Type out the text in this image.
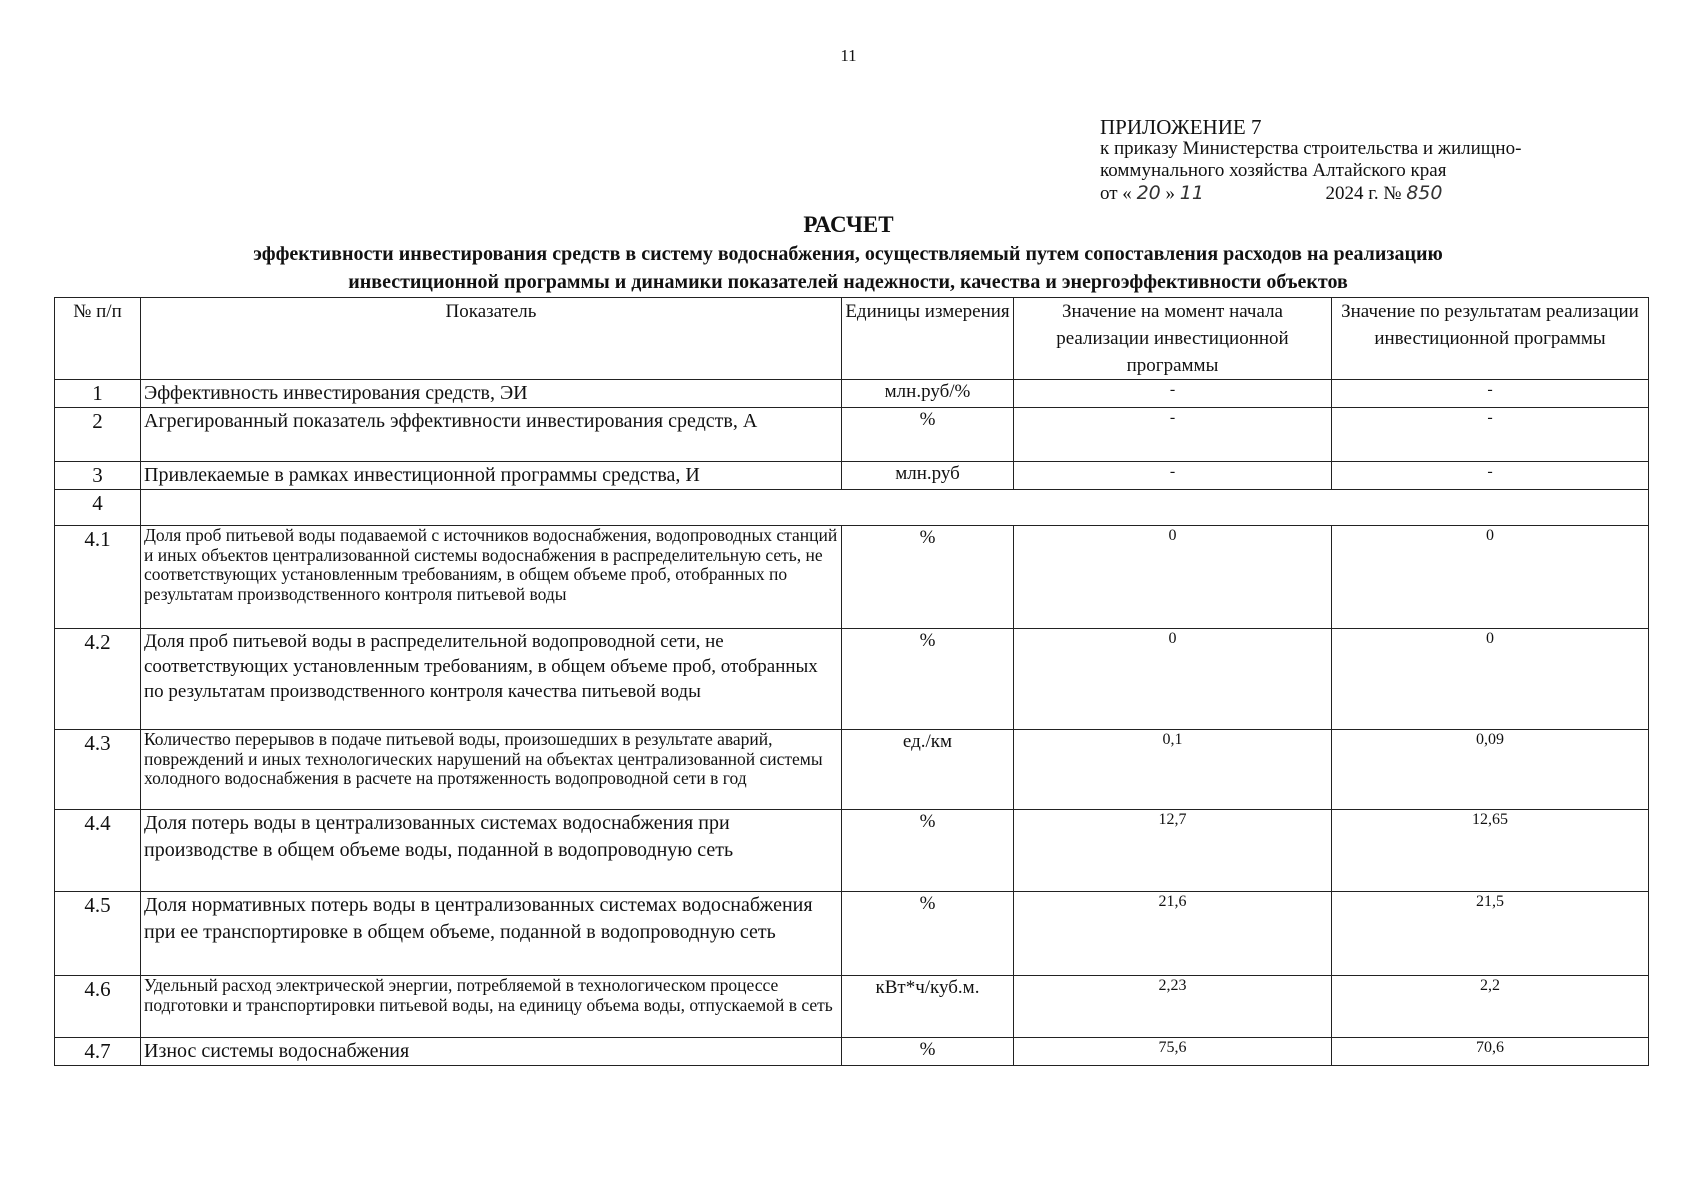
11
ПРИЛОЖЕНИЕ 7
к приказу Министерства строительства и жилищно-
коммунального хозяйства Алтайского края
от « 20 » 11	2024 г. № 850
РАСЧЕТ
эффективности инвестирования средств в систему водоснабжения, осуществляемый путем сопоставления расходов на реализацию
инвестиционной программы и динамики показателей надежности, качества и энергоэффективности объектов
№ п/п	Показатель	Единицы измерения	Значение на момент начала реализации инвестиционной программы	Значение по результатам реализации инвестиционной программы
1	Эффективность инвестирования средств, ЭИ	млн.руб/%	-	-
2	Агрегированный показатель эффективности инвестирования средств, А	%	-	-
3	Привлекаемые в рамках инвестиционной программы средства, И	млн.руб	-	-
4				
4.1	Доля проб питьевой воды подаваемой с источников водоснабжения, водопроводных станций и иных объектов централизованной системы водоснабжения в распределительную сеть, не соответствующих установленным требованиям, в общем объеме проб, отобранных по результатам производственного контроля питьевой воды	%	0	0
4.2	Доля проб питьевой воды в распределительной водопроводной сети, не соответствующих установленным требованиям, в общем объеме проб, отобранных по результатам производственного контроля качества питьевой воды	%	0	0
4.3	Количество перерывов в подаче питьевой воды, произошедших в результате аварий, повреждений и иных технологических нарушений на объектах централизованной системы холодного водоснабжения в расчете на протяженность водопроводной сети в год	ед./км	0,1	0,09
4.4	Доля потерь воды в централизованных системах водоснабжения при производстве в общем объеме воды, поданной в водопроводную сеть	%	12,7	12,65
4.5	Доля нормативных потерь воды в централизованных системах водоснабжения при ее транспортировке в общем объеме, поданной в водопроводную сеть	%	21,6	21,5
4.6	Удельный расход электрической энергии, потребляемой в технологическом процессе подготовки и транспортировки питьевой воды, на единицу объема воды, отпускаемой в сеть	кВт*ч/куб.м.	2,23	2,2
4.7	Износ системы водоснабжения	%	75,6	70,6
